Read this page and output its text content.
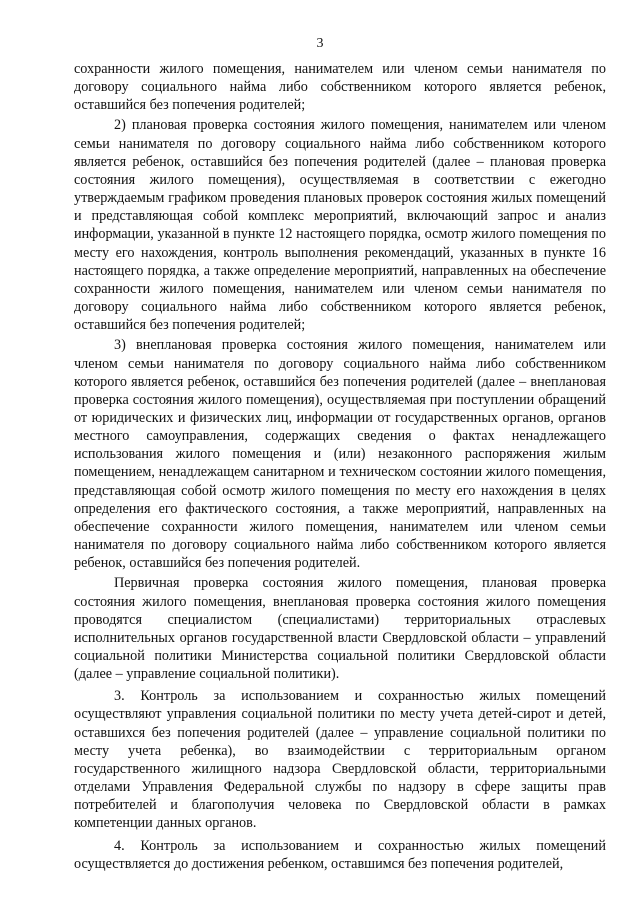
3

сохранности жилого помещения, нанимателем или членом семьи нанимателя по договору социального найма либо собственником которого является ребенок, оставшийся без попечения родителей;

2) плановая проверка состояния жилого помещения, нанимателем или членом семьи нанимателя по договору социального найма либо собственником которого является ребенок, оставшийся без попечения родителей (далее – плановая проверка состояния жилого помещения), осуществляемая в соответствии с ежегодно утверждаемым графиком проведения плановых проверок состояния жилых помещений и представляющая собой комплекс мероприятий, включающий запрос и анализ информации, указанной в пункте 12 настоящего порядка, осмотр жилого помещения по месту его нахождения, контроль выполнения рекомендаций, указанных в пункте 16 настоящего порядка, а также определение мероприятий, направленных на обеспечение сохранности жилого помещения, нанимателем или членом семьи нанимателя по договору социального найма либо собственником которого является ребенок, оставшийся без попечения родителей;

3) внеплановая проверка состояния жилого помещения, нанимателем или членом семьи нанимателя по договору социального найма либо собственником которого является ребенок, оставшийся без попечения родителей (далее – внеплановая проверка состояния жилого помещения), осуществляемая при поступлении обращений от юридических и физических лиц, информации от государственных органов, органов местного самоуправления, содержащих сведения о фактах ненадлежащего использования жилого помещения и (или) незаконного распоряжения жилым помещением, ненадлежащем санитарном и техническом состоянии жилого помещения, представляющая собой осмотр жилого помещения по месту его нахождения в целях определения его фактического состояния, а также мероприятий, направленных на обеспечение сохранности жилого помещения, нанимателем или членом семьи нанимателя по договору социального найма либо собственником которого является ребенок, оставшийся без попечения родителей.

Первичная проверка состояния жилого помещения, плановая проверка состояния жилого помещения, внеплановая проверка состояния жилого помещения проводятся специалистом (специалистами) территориальных отраслевых исполнительных органов государственной власти Свердловской области – управлений социальной политики Министерства социальной политики Свердловской области (далее – управление социальной политики).

3. Контроль за использованием и сохранностью жилых помещений осуществляют управления социальной политики по месту учета детей-сирот и детей, оставшихся без попечения родителей (далее – управление социальной политики по месту учета ребенка), во взаимодействии с территориальным органом государственного жилищного надзора Свердловской области, территориальными отделами Управления Федеральной службы по надзору в сфере защиты прав потребителей и благополучия человека по Свердловской области в рамках компетенции данных органов.

4. Контроль за использованием и сохранностью жилых помещений осуществляется до достижения ребенком, оставшимся без попечения родителей,
